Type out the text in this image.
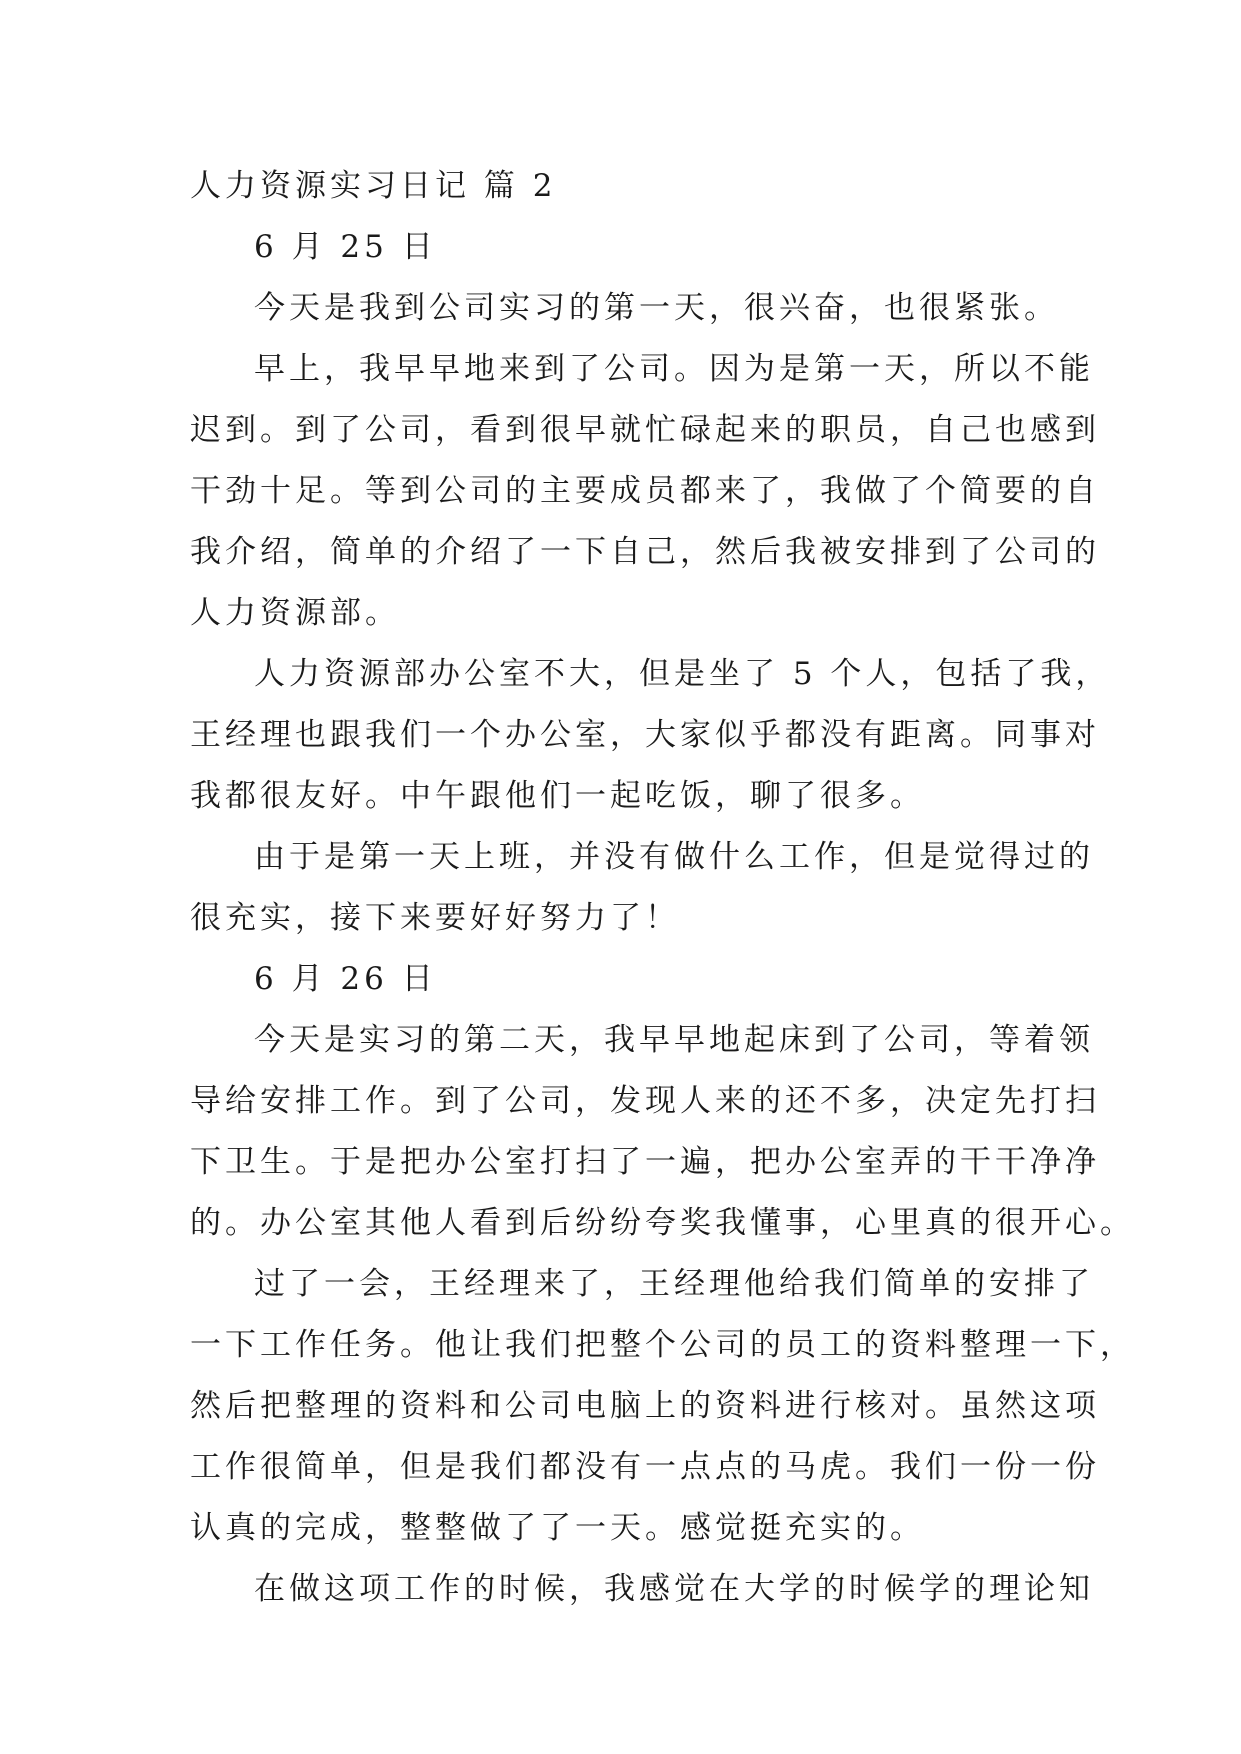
人力资源实习日记 篇 2
6 月 25 日
今天是我到公司实习的第一天，很兴奋，也很紧张。
早上，我早早地来到了公司。因为是第一天，所以不能
迟到。到了公司，看到很早就忙碌起来的职员，自己也感到
干劲十足。等到公司的主要成员都来了，我做了个简要的自
我介绍，简单的介绍了一下自己，然后我被安排到了公司的
人力资源部。
人力资源部办公室不大，但是坐了 5 个人，包括了我，
王经理也跟我们一个办公室，大家似乎都没有距离。同事对
我都很友好。中午跟他们一起吃饭，聊了很多。
由于是第一天上班，并没有做什么工作，但是觉得过的
很充实，接下来要好好努力了！
6 月 26 日
今天是实习的第二天，我早早地起床到了公司，等着领
导给安排工作。到了公司，发现人来的还不多，决定先打扫
下卫生。于是把办公室打扫了一遍，把办公室弄的干干净净
的。办公室其他人看到后纷纷夸奖我懂事，心里真的很开心。
过了一会，王经理来了，王经理他给我们简单的安排了
一下工作任务。他让我们把整个公司的员工的资料整理一下，
然后把整理的资料和公司电脑上的资料进行核对。虽然这项
工作很简单，但是我们都没有一点点的马虎。我们一份一份
认真的完成，整整做了了一天。感觉挺充实的。
在做这项工作的时候，我感觉在大学的时候学的理论知
